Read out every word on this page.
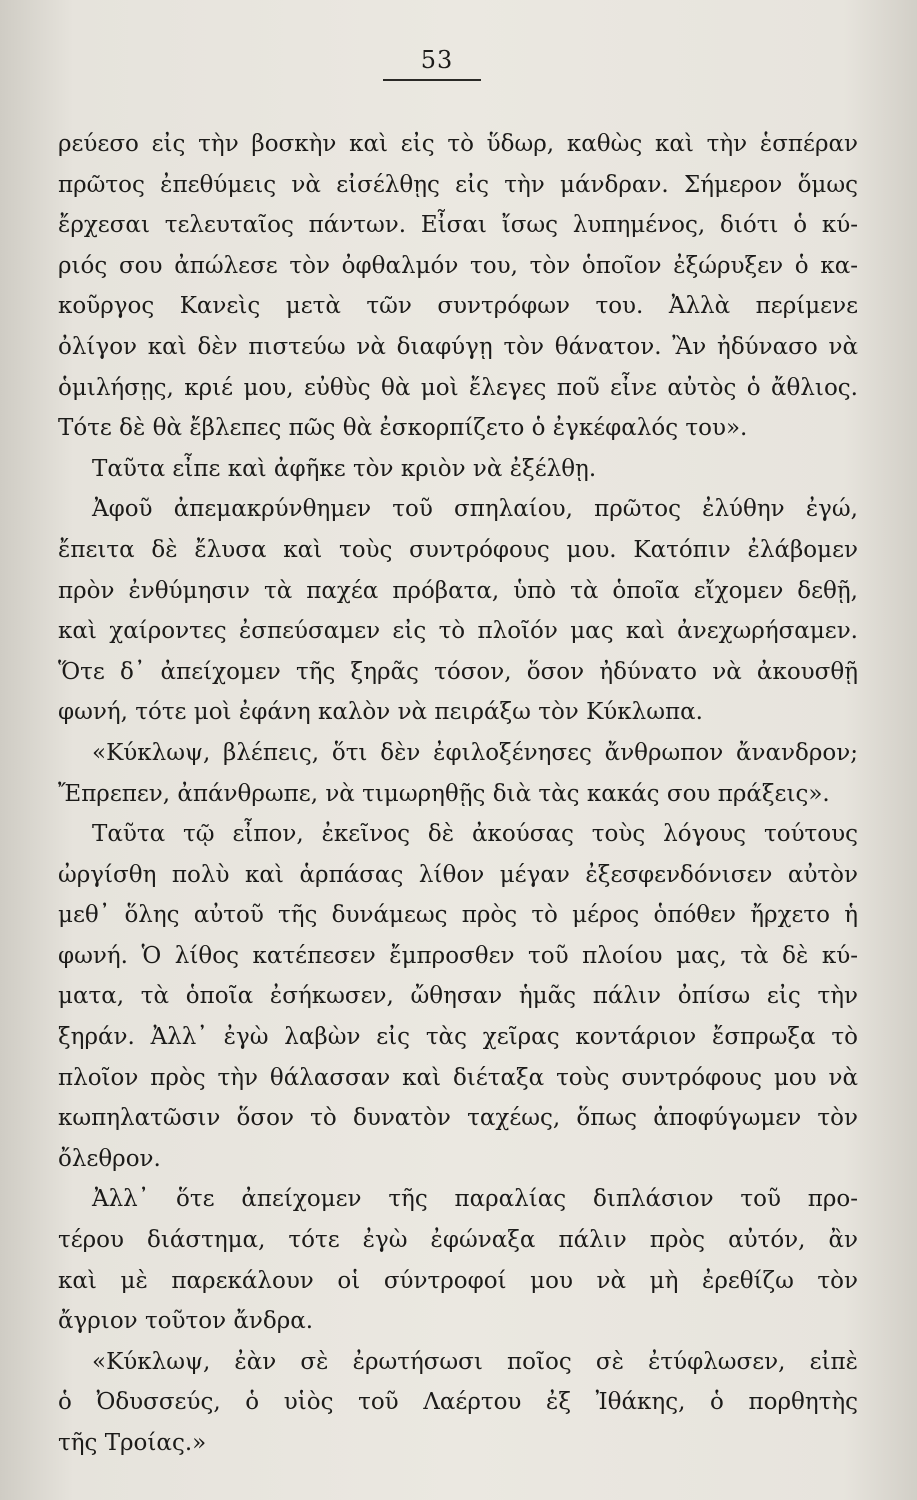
53
ρεύεσο εἰς τὴν βοσκὴν καὶ εἰς τὸ ὕδωρ, καθὼς καὶ τὴν ἑσπέραν
πρῶτος ἐπεθύμεις νὰ εἰσέλθῃς εἰς τὴν μάνδραν. Σήμερον ὅμως
ἔρχεσαι τελευταῖος πάντων. Εἶσαι ἴσως λυπημένος, διότι ὁ κύ-
ριός σου ἀπώλεσε τὸν ὀφθαλμόν του, τὸν ὁποῖον ἐξώρυξεν ὁ κα-
κοῦργος Κανεὶς μετὰ τῶν συντρόφων του. Ἀλλὰ περίμενε
ὀλίγον καὶ δὲν πιστεύω νὰ διαφύγῃ τὸν θάνατον. Ἂν ἠδύνασο νὰ
ὁμιλήσῃς, κριέ μου, εὐθὺς θὰ μοὶ ἔλεγες ποῦ εἶνε αὐτὸς ὁ ἄθλιος.
Τότε δὲ θὰ ἔβλεπες πῶς θὰ ἐσκορπίζετο ὁ ἐγκέφαλός του».
Ταῦτα εἶπε καὶ ἀφῆκε τὸν κριὸν νὰ ἐξέλθῃ.
Ἀφοῦ ἀπεμακρύνθημεν τοῦ σπηλαίου, πρῶτος ἐλύθην ἐγώ,
ἔπειτα δὲ ἔλυσα καὶ τοὺς συντρόφους μου. Κατόπιν ἐλάβομεν
πρὸν ἐνθύμησιν τὰ παχέα πρόβατα, ὑπὸ τὰ ὁποῖα εἴχομεν δεθῇ,
καὶ χαίροντες ἐσπεύσαμεν εἰς τὸ πλοῖόν μας καὶ ἀνεχωρήσαμεν.
Ὅτε δ᾽ ἀπείχομεν τῆς ξηρᾶς τόσον, ὅσον ἠδύνατο νὰ ἀκουσθῇ
φωνή, τότε μοὶ ἐφάνη καλὸν νὰ πειράξω τὸν Κύκλωπα.
«Κύκλωψ, βλέπεις, ὅτι δὲν ἐφιλοξένησες ἄνθρωπον ἄνανδρον;
Ἔπρεπεν, ἀπάνθρωπε, νὰ τιμωρηθῇς διὰ τὰς κακάς σου πράξεις».
Ταῦτα τῷ εἶπον, ἐκεῖνος δὲ ἀκούσας τοὺς λόγους τούτους
ὠργίσθη πολὺ καὶ ἁρπάσας λίθον μέγαν ἐξεσφενδόνισεν αὐτὸν
μεθ᾽ ὅλης αὐτοῦ τῆς δυνάμεως πρὸς τὸ μέρος ὁπόθεν ἤρχετο ἡ
φωνή. Ὁ λίθος κατέπεσεν ἔμπροσθεν τοῦ πλοίου μας, τὰ δὲ κύ-
ματα, τὰ ὁποῖα ἐσήκωσεν, ὤθησαν ἡμᾶς πάλιν ὀπίσω εἰς τὴν
ξηράν. Ἀλλ᾽ ἐγὼ λαβὼν εἰς τὰς χεῖρας κοντάριον ἔσπρωξα τὸ
πλοῖον πρὸς τὴν θάλασσαν καὶ διέταξα τοὺς συντρόφους μου νὰ
κωπηλατῶσιν ὅσον τὸ δυνατὸν ταχέως, ὅπως ἀποφύγωμεν τὸν
ὄλεθρον.
Ἀλλ᾽ ὅτε ἀπείχομεν τῆς παραλίας διπλάσιον τοῦ προ-
τέρου διάστημα, τότε ἐγὼ ἐφώναξα πάλιν πρὸς αὐτόν, ἂν
καὶ μὲ παρεκάλουν οἱ σύντροφοί μου νὰ μὴ ἐρεθίζω τὸν
ἄγριον τοῦτον ἄνδρα.
«Κύκλωψ, ἐὰν σὲ ἐρωτήσωσι ποῖος σὲ ἐτύφλωσεν, εἰπὲ
ὁ Ὀδυσσεύς, ὁ υἱὸς τοῦ Λαέρτου ἐξ Ἰθάκης, ὁ πορθητὴς
τῆς Τροίας.»
